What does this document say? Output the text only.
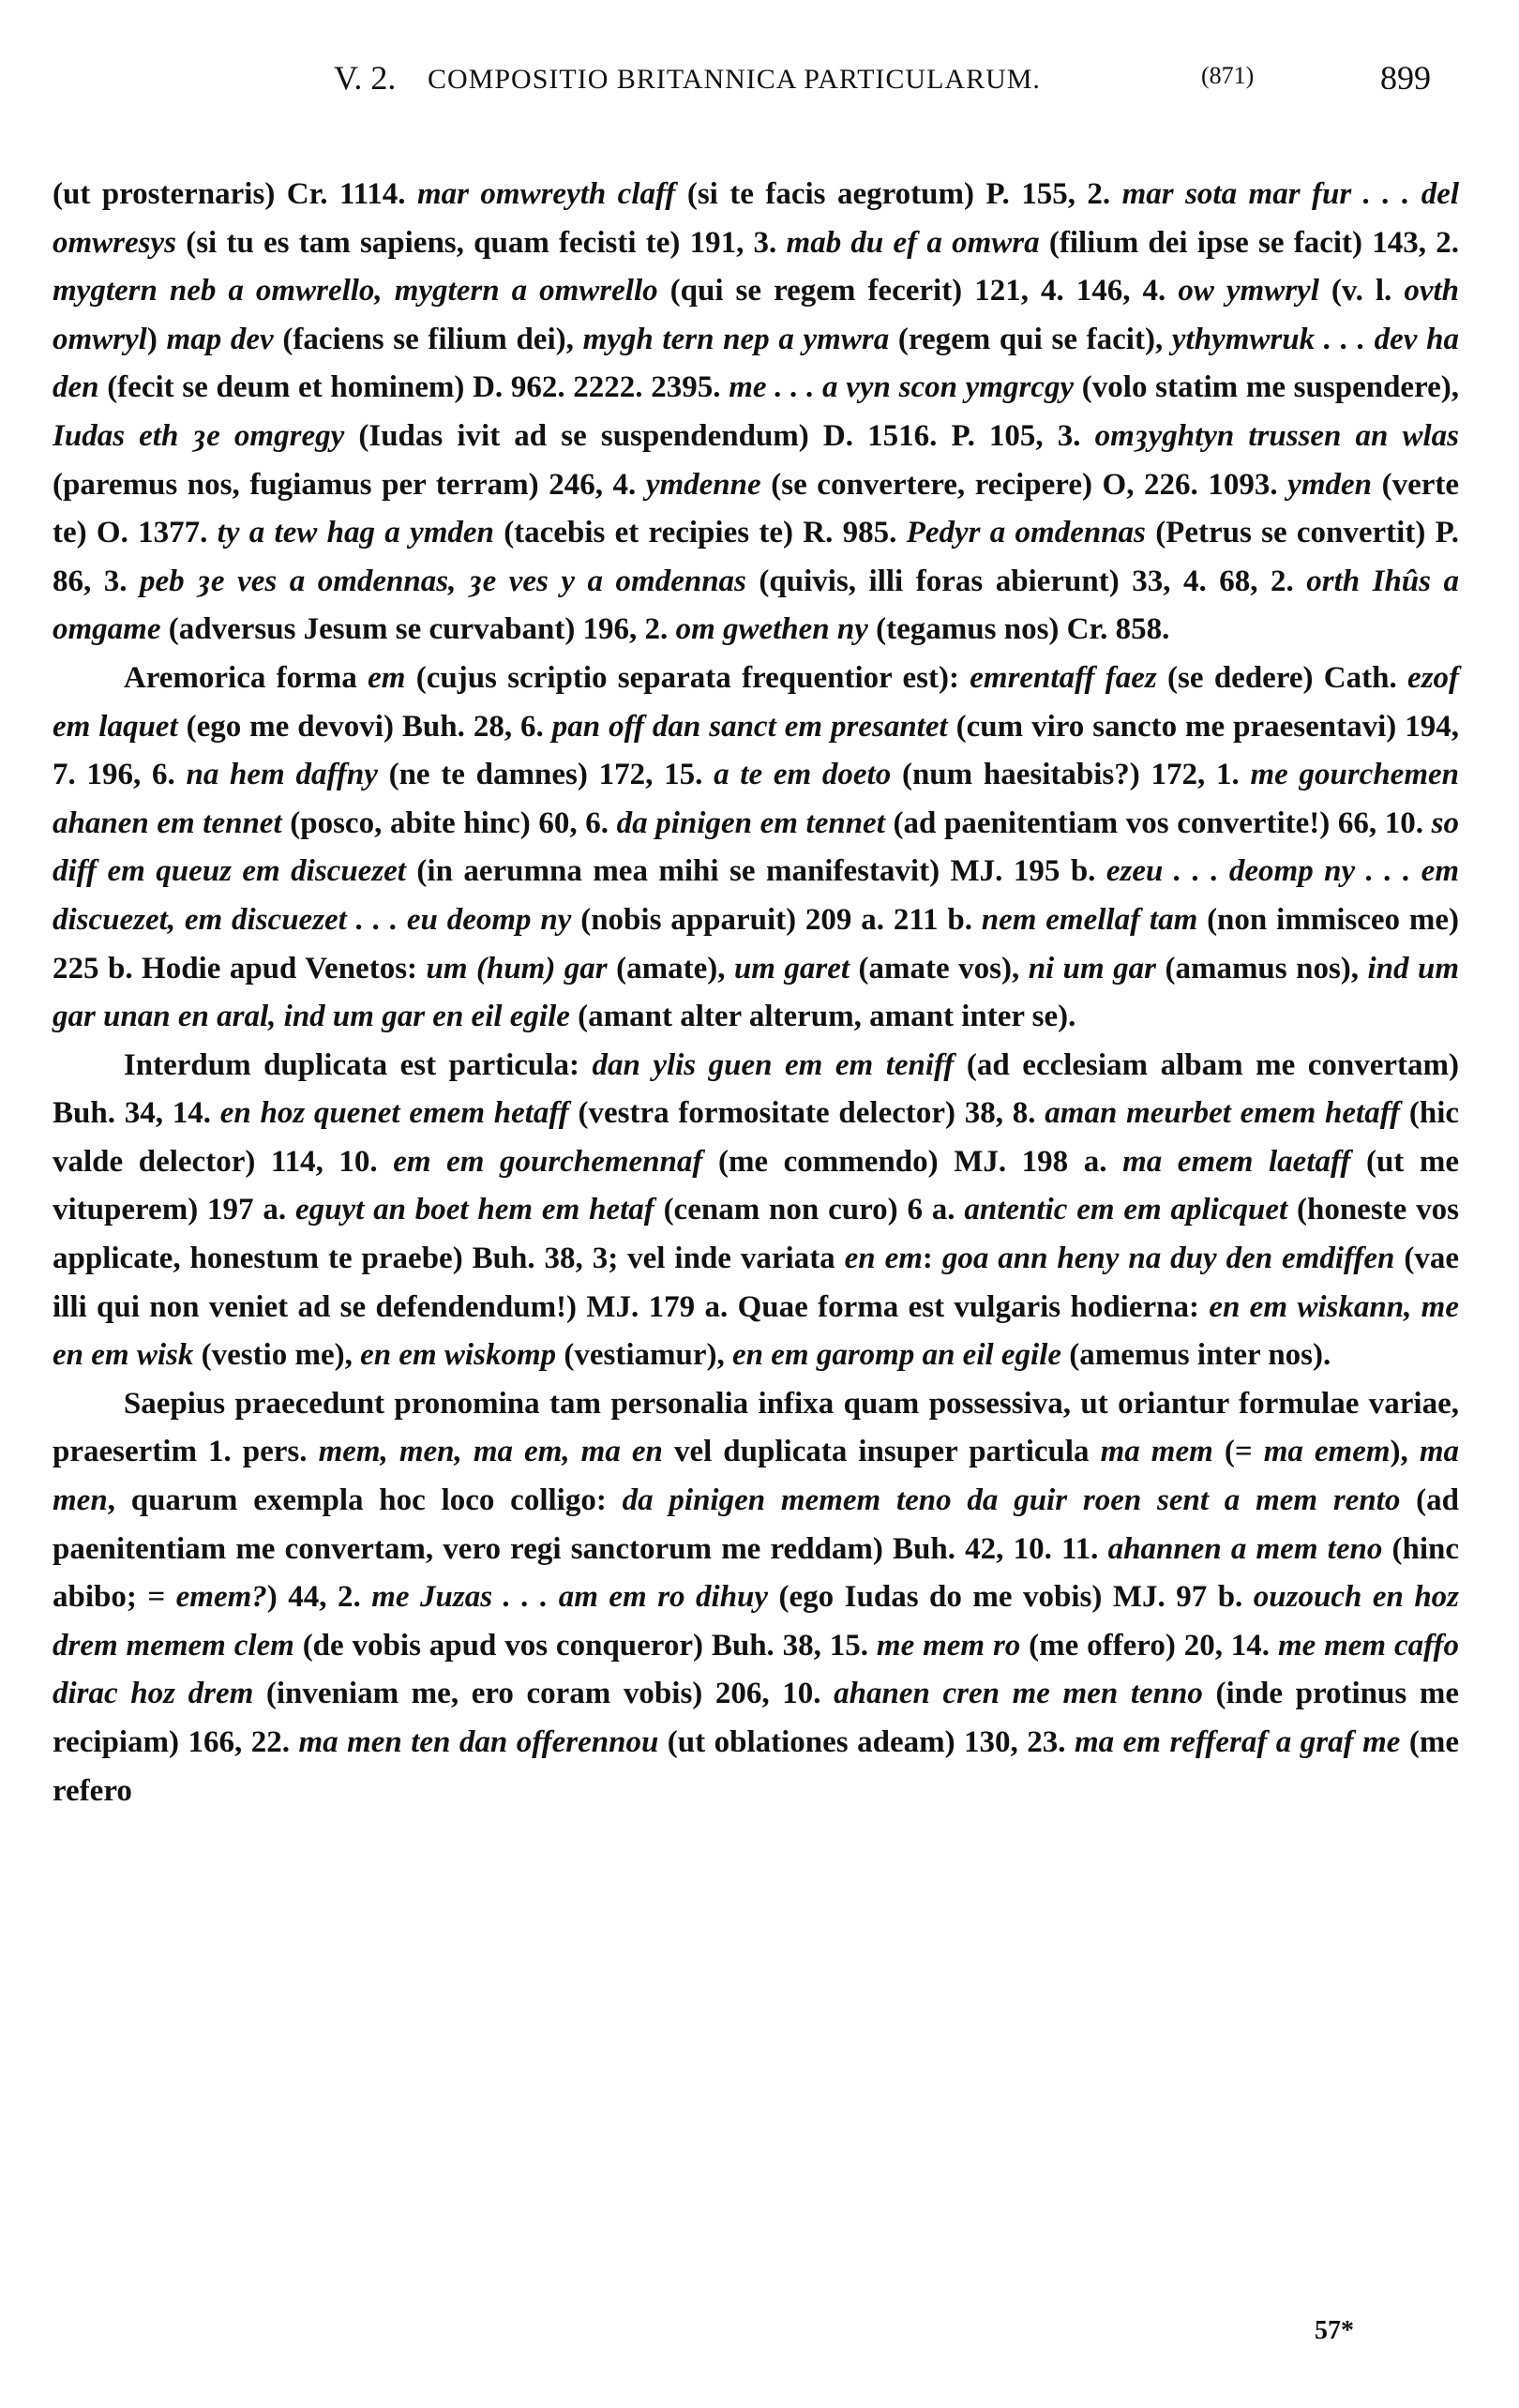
V. 2. COMPOSITIO BRITANNICA PARTICULARUM.	(871)	899

(ut prosternaris) Cr. 1114. mar omwreyth claff (si te facis aegrotum) P. 155, 2. mar sota mar fur . . . del omwresys (si tu es tam sapiens, quam fecisti te) 191, 3. mab du ef a omwra (filium dei ipse se facit) 143, 2. mygtern neb a omwrello, mygtern a omwrello (qui se regem fecerit) 121, 4. 146, 4. ow ymwryl (v. l. ovth omwryl) map dev (faciens se filium dei), mygh tern nep a ymwra (regem qui se facit), ythymwruk . . . dev ha den (fecit se deum et hominem) D. 962. 2222. 2395. me . . . a vyn scon ymgrcgy (volo statim me suspendere), Iudas eth ȝe omgregy (Iudas ivit ad se suspendendum) D. 1516. P. 105, 3. omȝyghtyn trussen an wlas (paremus nos, fugiamus per terram) 246, 4. ymdenne (se convertere, recipere) O, 226. 1093. ymden (verte te) O. 1377. ty a tew hag a ymden (tacebis et recipies te) R. 985. Pedyr a omdennas (Petrus se convertit) P. 86, 3. peb ȝe ves a omdennas, ȝe ves y a omdennas (quivis, illi foras abierunt) 33, 4. 68, 2. orth Ihûs a omgame (adversus Jesum se curvabant) 196, 2. om gwethen ny (tegamus nos) Cr. 858.

Aremorica forma em (cujus scriptio separata frequentior est): emrentaff faez (se dedere) Cath. ezof em laquet (ego me devovi) Buh. 28, 6. pan off dan sanct em presantet (cum viro sancto me praesentavi) 194, 7. 196, 6. na hem daffny (ne te damnes) 172, 15. a te em doeto (num haesitabis?) 172, 1. me gourchemen ahanen em tennet (posco, abite hinc) 60, 6. da pinigen em tennet (ad paenitentiam vos convertite!) 66, 10. so diff em queuz em discuezet (in aerumna mea mihi se manifestavit) MJ. 195 b. ezeu . . . deomp ny . . . em discuezet, em discuezet . . . eu deomp ny (nobis apparuit) 209 a. 211 b. nem emellaf tam (non immisceo me) 225 b. Hodie apud Venetos: um (hum) gar (amate), um garet (amate vos), ni um gar (amamus nos), ind um gar unan en aral, ind um gar en eil egile (amant alter alterum, amant inter se).

Interdum duplicata est particula: dan ylis guen em em teniff (ad ecclesiam albam me convertam) Buh. 34, 14. en hoz quenet emem hetaff (vestra formositate delector) 38, 8. aman meurbet emem hetaff (hic valde delector) 114, 10. em em gourchemennaf (me commendo) MJ. 198 a. ma emem laetaff (ut me vituperem) 197 a. eguyt an boet hem em hetaf (cenam non curo) 6 a. antentic em em aplicquet (honeste vos applicate, honestum te praebe) Buh. 38, 3; vel inde variata en em: goa ann heny na duy den emdiffen (vae illi qui non veniet ad se defendendum!) MJ. 179 a. Quae forma est vulgaris hodierna: en em wiskann, me en em wisk (vestio me), en em wiskomp (vestiamur), en em garomp an eil egile (amemus inter nos).

Saepius praecedunt pronomina tam personalia infixa quam possessiva, ut oriantur formulae variae, praesertim 1. pers. mem, men, ma em, ma en vel duplicata insuper particula ma mem (= ma emem), ma men, quarum exempla hoc loco colligo: da pinigen memem teno da guir roen sent a mem rento (ad paenitentiam me convertam, vero regi sanctorum me reddam) Buh. 42, 10. 11. ahannen a mem teno (hinc abibo; = emem?) 44, 2. me Juzas . . . am em ro dihuy (ego Iudas do me vobis) MJ. 97 b. ouzouch en hoz drem memem clem (de vobis apud vos conqueror) Buh. 38, 15. me mem ro (me offero) 20, 14. me mem caffo dirac hoz drem (inveniam me, ero coram vobis) 206, 10. ahanen cren me men tenno (inde protinus me recipiam) 166, 22. ma men ten dan offerennou (ut oblationes adeam) 130, 23. ma em refferaf a graf me (me refero

57*
